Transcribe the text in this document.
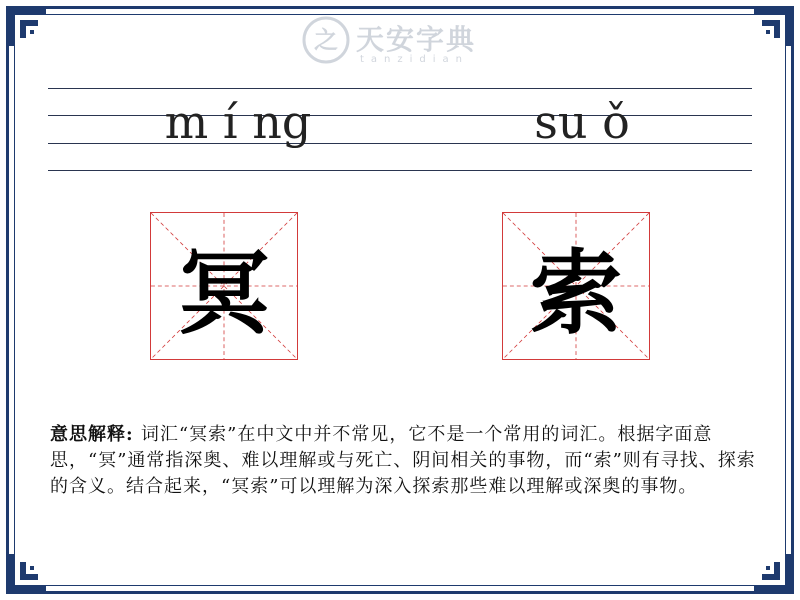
之 天安字典
tanzidian
m í ng	su ǒ
冥	索
意思解释: 词汇“冥索”在中文中并不常见，它不是一个常用的词汇。根据字面意思，“冥”通常指深奥、难以理解或与死亡、阴间相关的事物，而“索”则有寻找、探索的含义。结合起来，“冥索”可以理解为深入探索那些难以理解或深奥的事物。
